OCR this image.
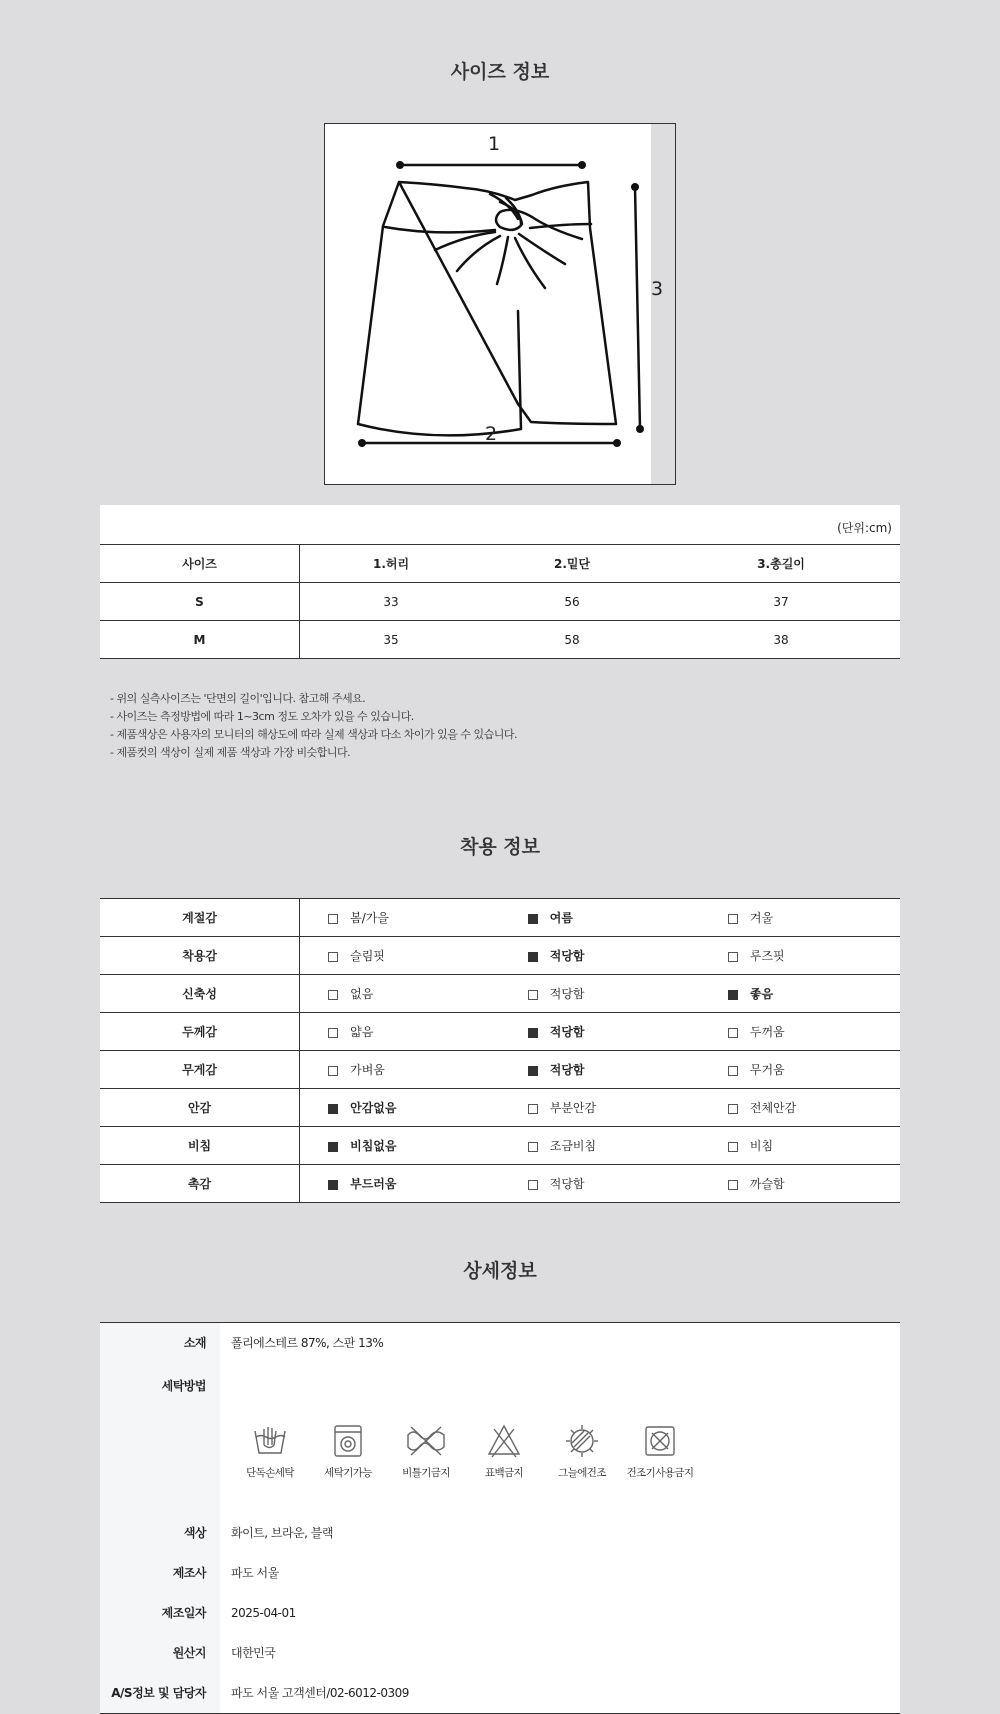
사이즈 정보
1
2
3
(단위:cm)
사이즈	1.허리	2.밑단	3.총길이
S	33	56	37
M	35	58	38
- 위의 실측사이즈는 '단면의 길이'입니다. 참고해 주세요.
- 사이즈는 측정방법에 따라 1~3cm 정도 오차가 있을 수 있습니다.
- 제품색상은 사용자의 모니터의 해상도에 따라 실제 색상과 다소 차이가 있을 수 있습니다.
- 제품컷의 색상이 실제 제품 색상과 가장 비슷합니다.
착용 정보
계절감	봄/가을	여름	겨울
착용감	슬림핏	적당함	루즈핏
신축성	없음	적당함	좋음
두께감	얇음	적당함	두꺼움
무게감	가벼움	적당함	무거움
안감	안감없음	부분안감	전체안감
비침	비침없음	조금비침	비침
촉감	부드러움	적당함	까슬함
상세정보
소재	폴리에스테르 87%, 스판 13%
세탁방법
단독손세탁	세탁기가능	비틀기금지	표백금지	그늘에건조	건조기사용금지
색상	화이트, 브라운, 블랙
제조사	파도 서울
제조일자	2025-04-01
원산지	대한민국
A/S정보 및 담당자	파도 서울 고객센터/02-6012-0309
